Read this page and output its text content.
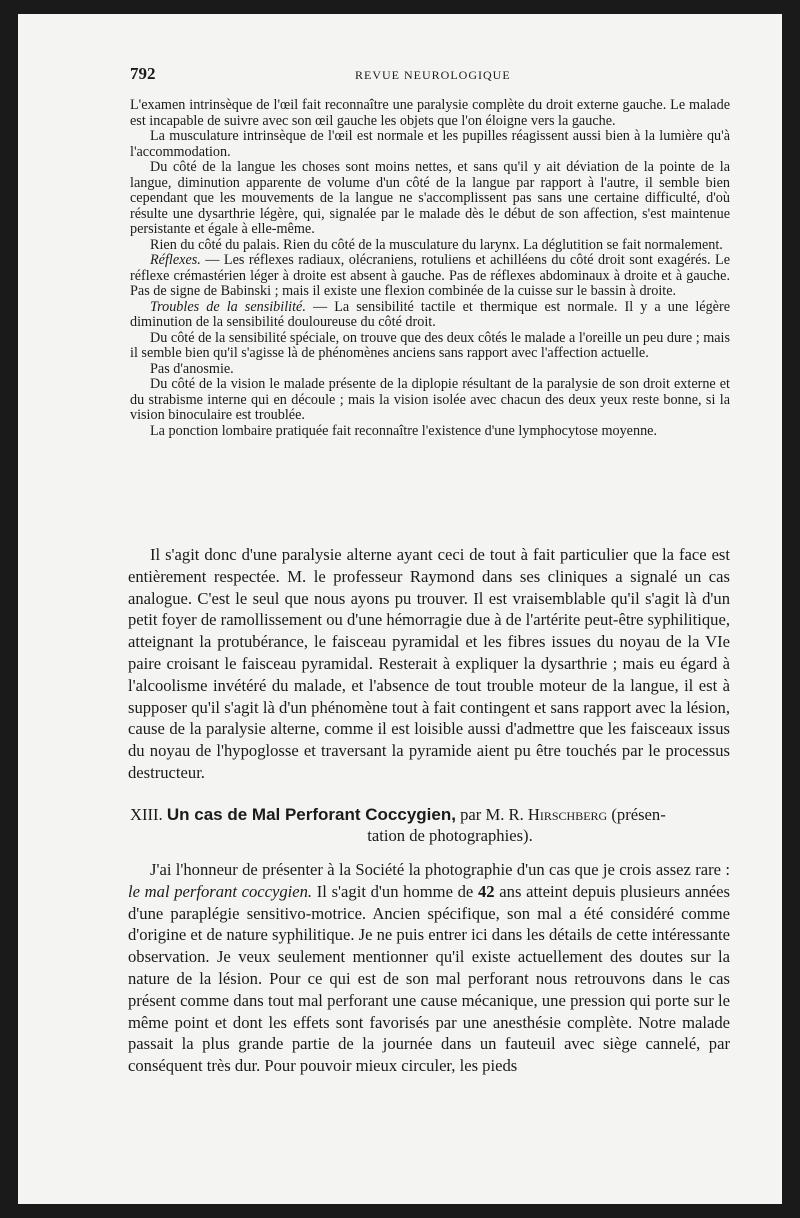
792	REVUE NEUROLOGIQUE

L'examen intrinsèque de l'œil fait reconnaître une paralysie complète du droit externe gauche. Le malade est incapable de suivre avec son œil gauche les objets que l'on éloigne vers la gauche.

La musculature intrinsèque de l'œil est normale et les pupilles réagissent aussi bien à la lumière qu'à l'accommodation.

Du côté de la langue les choses sont moins nettes, et sans qu'il y ait déviation de la pointe de la langue, diminution apparente de volume d'un côté de la langue par rapport à l'autre, il semble bien cependant que les mouvements de la langue ne s'accomplissent pas sans une certaine difficulté, d'où résulte une dysarthrie légère, qui, signalée par le malade dès le début de son affection, s'est maintenue persistante et égale à elle-même.

Rien du côté du palais. Rien du côté de la musculature du larynx. La déglutition se fait normalement.

Réflexes. — Les réflexes radiaux, olécraniens, rotuliens et achilléens du côté droit sont exagérés. Le réflexe crémastérien léger à droite est absent à gauche. Pas de réflexes abdominaux à droite et à gauche. Pas de signe de Babinski ; mais il existe une flexion combinée de la cuisse sur le bassin à droite.

Troubles de la sensibilité. — La sensibilité tactile et thermique est normale. Il y a une légère diminution de la sensibilité douloureuse du côté droit.

Du côté de la sensibilité spéciale, on trouve que des deux côtés le malade a l'oreille un peu dure ; mais il semble bien qu'il s'agisse là de phénomènes anciens sans rapport avec l'affection actuelle.

Pas d'anosmie.

Du côté de la vision le malade présente de la diplopie résultant de la paralysie de son droit externe et du strabisme interne qui en découle ; mais la vision isolée avec chacun des deux yeux reste bonne, si la vision binoculaire est troublée.

La ponction lombaire pratiquée fait reconnaître l'existence d'une lymphocytose moyenne.

Il s'agit donc d'une paralysie alterne ayant ceci de tout à fait particulier que la face est entièrement respectée. M. le professeur Raymond dans ses cliniques a signalé un cas analogue. C'est le seul que nous ayons pu trouver. Il est vraisemblable qu'il s'agit là d'un petit foyer de ramollissement ou d'une hémorragie due à de l'artérite peut-être syphilitique, atteignant la protubérance, le faisceau pyramidal et les fibres issues du noyau de la VIe paire croisant le faisceau pyramidal. Resterait à expliquer la dysarthrie ; mais eu égard à l'alcoolisme invétéré du malade, et l'absence de tout trouble moteur de la langue, il est à supposer qu'il s'agit là d'un phénomène tout à fait contingent et sans rapport avec la lésion, cause de la paralysie alterne, comme il est loisible aussi d'admettre que les faisceaux issus du noyau de l'hypoglosse et traversant la pyramide aient pu être touchés par le processus destructeur.

XIII. Un cas de Mal Perforant Coccygien, par M. R. Hirschberg (présen-
tation de photographies).

J'ai l'honneur de présenter à la Société la photographie d'un cas que je crois assez rare : le mal perforant coccygien. Il s'agit d'un homme de 42 ans atteint depuis plusieurs années d'une paraplégie sensitivo-motrice. Ancien spécifique, son mal a été considéré comme d'origine et de nature syphilitique. Je ne puis entrer ici dans les détails de cette intéressante observation. Je veux seulement mentionner qu'il existe actuellement des doutes sur la nature de la lésion. Pour ce qui est de son mal perforant nous retrouvons dans le cas présent comme dans tout mal perforant une cause mécanique, une pression qui porte sur le même point et dont les effets sont favorisés par une anesthésie complète. Notre malade passait la plus grande partie de la journée dans un fauteuil avec siège cannelé, par conséquent très dur. Pour pouvoir mieux circuler, les pieds
